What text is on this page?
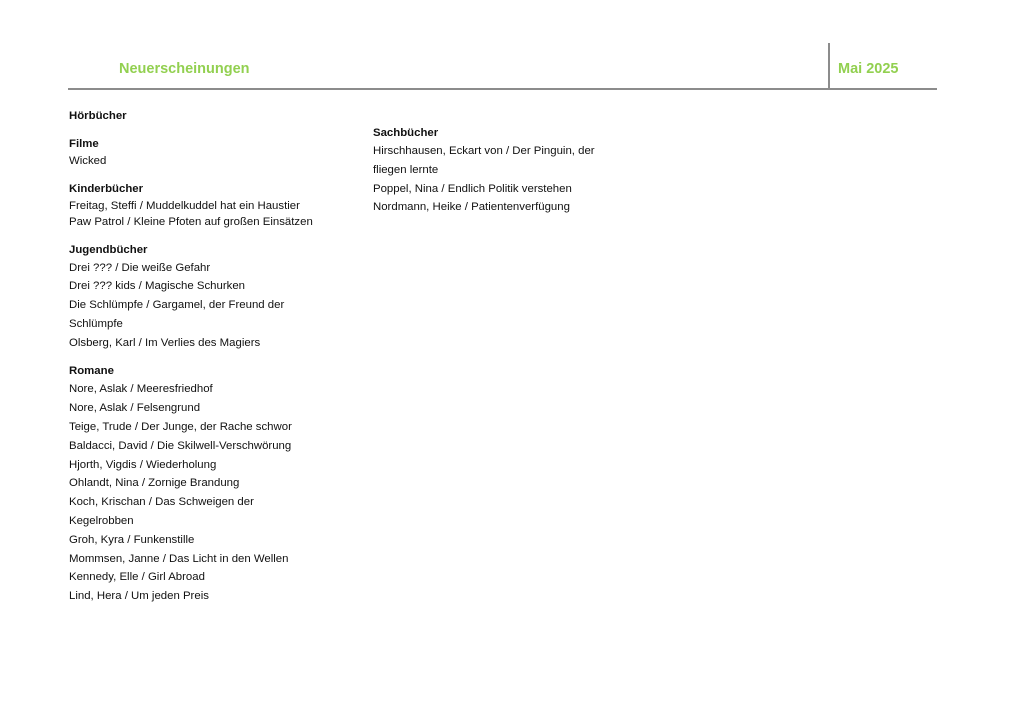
Neuerscheinungen	Mai 2025
Hörbücher
Filme
Wicked
Kinderbücher
Freitag, Steffi / Muddelkuddel hat ein Haustier
Paw Patrol / Kleine Pfoten auf großen Einsätzen
Jugendbücher
Drei ??? / Die weiße Gefahr
Drei ??? kids / Magische Schurken
Die Schlümpfe / Gargamel, der Freund der
Schlümpfe
Olsberg, Karl / Im Verlies des Magiers
Romane
Nore, Aslak / Meeresfriedhof
Nore, Aslak / Felsengrund
Teige, Trude / Der Junge, der Rache schwor
Baldacci, David / Die Skilwell-Verschwörung
Hjorth, Vigdis / Wiederholung
Ohlandt, Nina / Zornige Brandung
Koch, Krischan / Das Schweigen der
Kegelrobben
Groh, Kyra / Funkenstille
Mommsen, Janne / Das Licht in den Wellen
Kennedy, Elle / Girl Abroad
Lind, Hera / Um jeden Preis
Sachbücher
Hirschhausen, Eckart von / Der Pinguin, der
fliegen lernte
Poppel, Nina / Endlich Politik verstehen
Nordmann, Heike / Patientenverfügung
